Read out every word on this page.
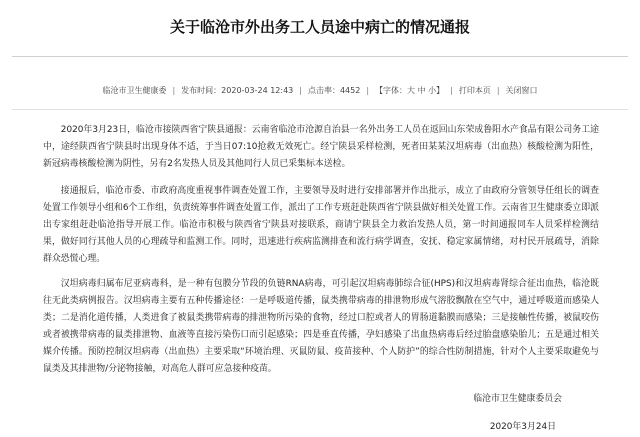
关于临沧市外出务工人员途中病亡的情况通报
临沧市卫生健康委 | 发布时间：2020-03-24 12:43 | 点击率：4452 | 【字体：大 中 小】 | 打印本页 | 关闭窗口

2020年3月23日，临沧市接陕西省宁陕县通报：云南省临沧市沧源自治县一名外出务工人员在返回山东荣成鲁阳水产食品有限公司务工途中，途经陕西省宁陕县时出现身体不适，于当日07:10抢救无效死亡。经宁陕县采样检测，死者田某某汉坦病毒（出血热）核酸检测为阳性，新冠病毒核酸检测为阴性，另有2名发热人员及其他同行人员已采集标本送检。

接通报后，临沧市委、市政府高度重视事件调查处置工作，主要领导及时进行安排部署并作出批示，成立了由政府分管领导任组长的调查处置工作领导小组和6个工作组，负责统筹事件调查处置工作，派出了工作专班赶赴陕西省宁陕县做好相关处置工作。云南省卫生健康委立即派出专家组赶赴临沧指导开展工作。临沧市积极与陕西省宁陕县对接联系，商请宁陕县全力救治发热人员，第一时间通报同车人员采样检测结果，做好同行其他人员的心理疏导和监测工作。同时，迅速进行疾病监测排查和流行病学调查，安抚、稳定家属情绪，对村民开展疏导，消除群众恐慌心理。

汉坦病毒归属布尼亚病毒科，是一种有包膜分节段的负链RNA病毒，可引起汉坦病毒肺综合征(HPS)和汉坦病毒肾综合征出血热，临沧既往无此类病例报告。汉坦病毒主要有五种传播途径：一是呼吸道传播，鼠类携带病毒的排泄物形成气溶胶飘散在空气中，通过呼吸道而感染人类；二是消化道传播，人类进食了被鼠类携带病毒的排泄物所污染的食物，经过口腔或者人的胃肠道黏膜而感染；三是接触性传播，被鼠咬伤或者被携带病毒的鼠类排泄物、血液等直接污染伤口而引起感染；四是垂直传播，孕妇感染了出血热病毒后经过胎盘感染胎儿；五是通过相关媒介传播。预防控制汉坦病毒（出血热）主要采取“环境治理、灭鼠防鼠、疫苗接种、个人防护”的综合性防制措施，针对个人主要采取避免与鼠类及其排泄物/分泌物接触，对高危人群可应急接种疫苗。

临沧市卫生健康委员会
2020年3月24日
